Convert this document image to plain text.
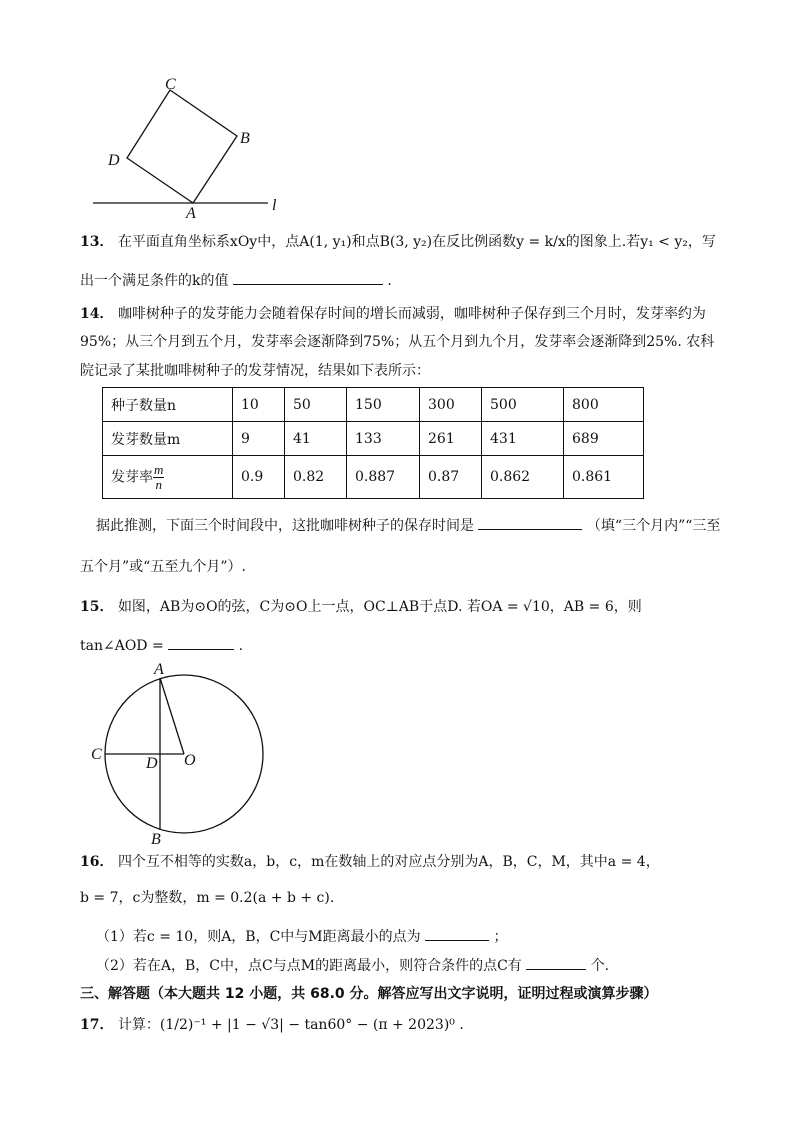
C
B
D
A	l
13． 在平面直角坐标系xOy中，点A(1, y₁)和点B(3, y₂)在反比例函数y = k/x的图象上.若y₁ < y₂，写
出一个满足条件的k的值	.
14． 咖啡树种子的发芽能力会随着保存时间的增长而减弱，咖啡树种子保存到三个月时，发芽率约为
95%；从三个月到五个月，发芽率会逐渐降到75%；从五个月到九个月，发芽率会逐渐降到25%. 农科
院记录了某批咖啡树种子的发芽情况，结果如下表所示：
种子数量n	10	50	150	300	500	800
发芽数量m	9	41	133	261	431	689
发芽率 $\frac{m}{n}$	0.9	0.82	0.887	0.87	0.862	0.861
据此推测，下面三个时间段中，这批咖啡树种子的保存时间是	（填“三个月内”“三至
五个月”或“五至九个月”）.
15． 如图，AB为⊙O的弦，C为⊙O上一点，OC⊥AB于点D. 若OA = √10，AB = 6，则
tan∠AOD =	.
A
C
D O
B
16． 四个互不相等的实数a，b，c，m在数轴上的对应点分别为A，B，C，M，其中a = 4，
b = 7，c为整数，m = 0.2(a + b + c).
（1）若c = 10，则A，B，C中与M距离最小的点为	；
（2）若在A，B，C中，点C与点M的距离最小，则符合条件的点C有	个.
三、解答题（本大题共 12 小题，共 68.0 分。解答应写出文字说明，证明过程或演算步骤）
17． 计算：(1/2)⁻¹ + |1 − √3| − tan60° − (π + 2023)⁰ .
